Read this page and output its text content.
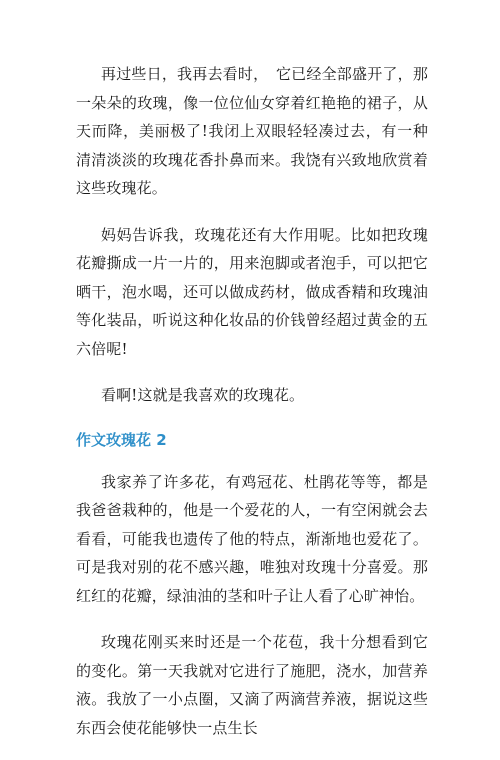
再过些日，我再去看时，　它已经全部盛开了，那一朵朵的玫瑰，像一位位仙女穿着红艳艳的裙子，从天而降，美丽极了!我闭上双眼轻轻凑过去，有一种清清淡淡的玫瑰花香扑鼻而来。我饶有兴致地欣赏着这些玫瑰花。

妈妈告诉我，玫瑰花还有大作用呢。比如把玫瑰花瓣撕成一片一片的，用来泡脚或者泡手，可以把它晒干，泡水喝，还可以做成药材，做成香精和玫瑰油等化装品，听说这种化妆品的价钱曾经超过黄金的五六倍呢!

看啊!这就是我喜欢的玫瑰花。

作文玫瑰花 2

我家养了许多花，有鸡冠花、杜鹃花等等，都是我爸爸栽种的，他是一个爱花的人，一有空闲就会去看看，可能我也遗传了他的特点，渐渐地也爱花了。可是我对别的花不感兴趣，唯独对玫瑰十分喜爱。那红红的花瓣，绿油油的茎和叶子让人看了心旷神怡。

玫瑰花刚买来时还是一个花苞，我十分想看到它的变化。第一天我就对它进行了施肥，浇水，加营养液。我放了一小点圈，又滴了两滴营养液，据说这些东西会使花能够快一点生长
